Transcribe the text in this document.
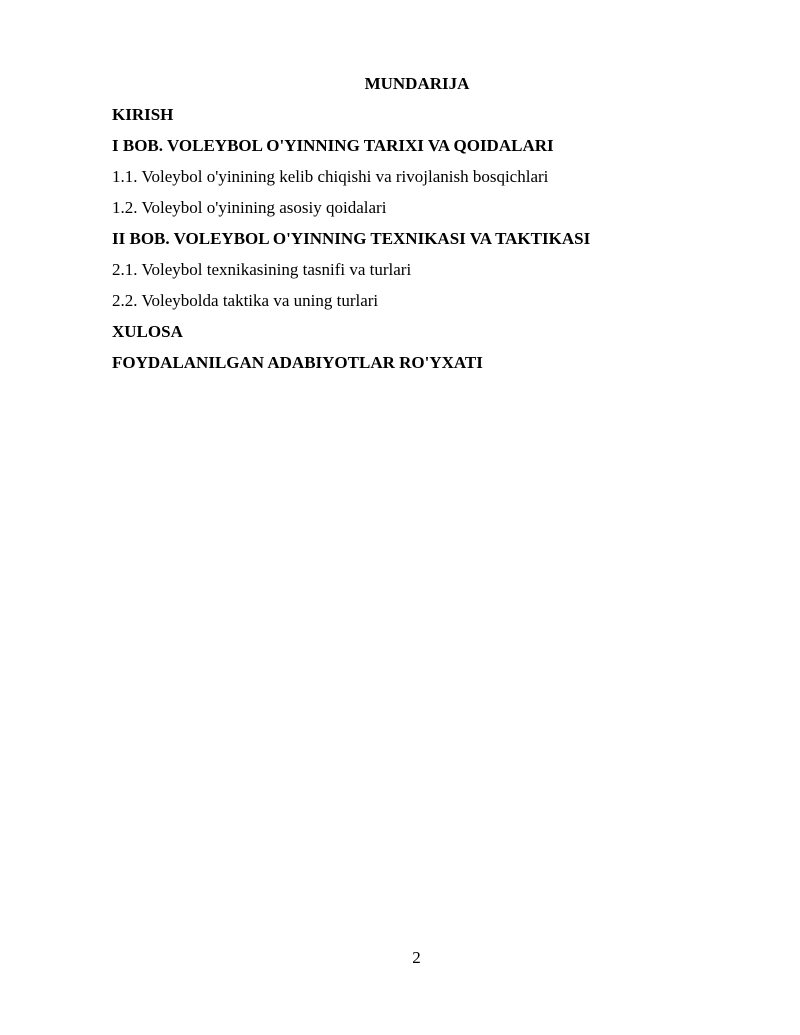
MUNDARIJA
KIRISH
I BOB. VOLEYBOL O'YINNING TARIXI VA QOIDALARI
1.1. Voleybol o'yinining kelib chiqishi va rivojlanish bosqichlari
1.2. Voleybol o'yinining asosiy qoidalari
II BOB. VOLEYBOL O'YINNING TEXNIKASI VA TAKTIKASI
2.1. Voleybol texnikasining tasnifi va turlari
2.2. Voleybolda taktika va uning turlari
XULOSA
FOYDALANILGAN ADABIYOTLAR RO'YXATI
2
